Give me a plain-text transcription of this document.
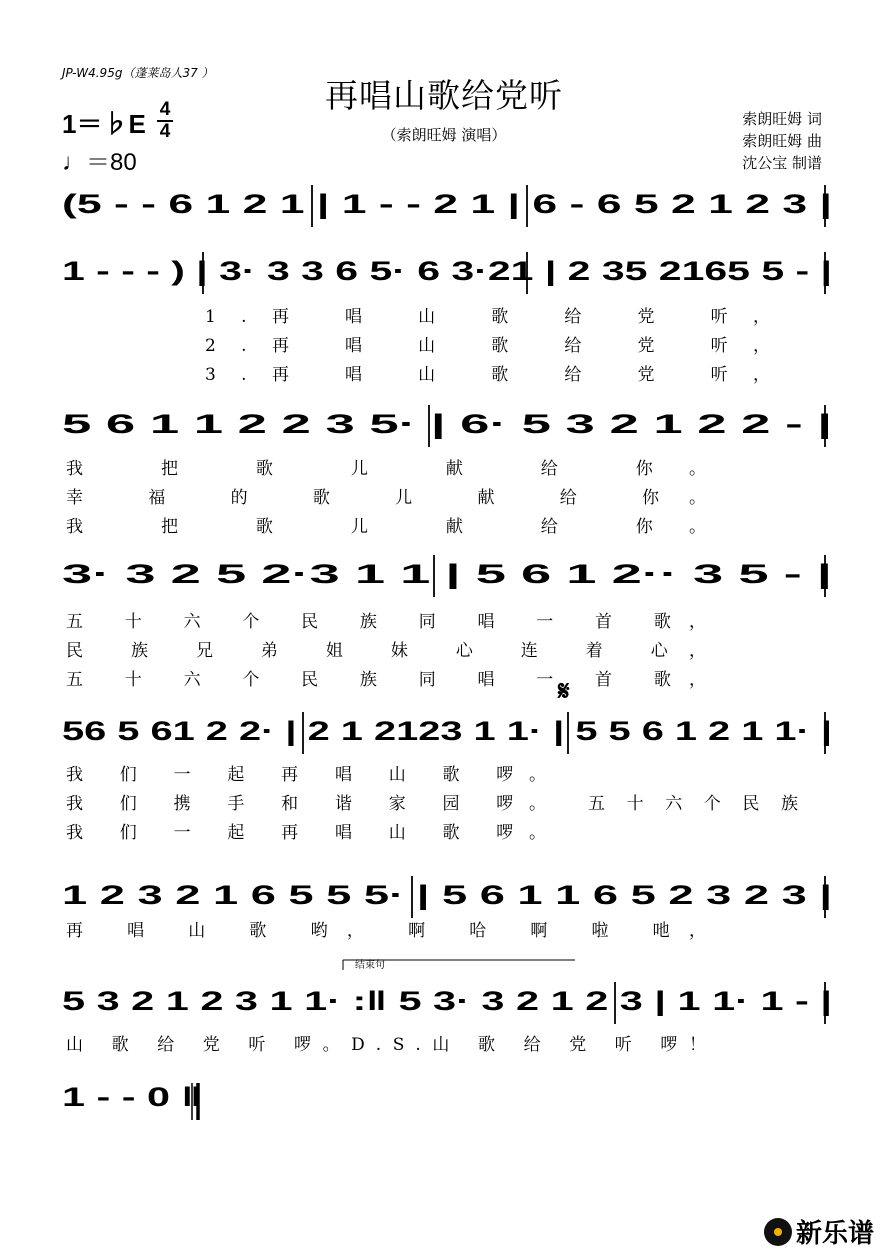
JP-W4.95g（蓬莱岛人37 ）
再唱山歌给党听
（索朗旺姆 演唱）
1＝♭E 4
4
♩＝80
索朗旺姆 词
索朗旺姆 曲
沈公宝 制谱
(5 - - 6 1 2 1 | 1 - - 2 1 | 6 - 6 5 2 1 2 3 |
1 - - - ) | 3· 3 3 6 5· 6 3·21 | 2 35 2165 5 - |
1.再 唱 山 歌 给 党 听，
2.再 唱 山 歌 给 党 听，
3.再 唱 山 歌 给 党 听，
5 6 1 1 2 2 3 5· | 6· 5 3 2 1 2 2 - |
我 把 歌 儿 献 给 你。
幸 福 的 歌 儿 献 给 你。
我 把 歌 儿 献 给 你。
3· 3 2 5 2·3 1 1 | 5 6 1 2·· 3 5 - |
五 十 六 个 民 族 同 唱 一 首 歌，
民 族 兄 弟 姐 妹 心 连 着 心，
五 十 六 个 民 族 同 唱 一 首 歌，
56 5 61 2 2· | 2 1 2123 1 1· | 5 5 6 1 2 1 1· |
𝄋
我 们 一 起 再 唱 山 歌 啰。
我 们 携 手 和 谐 家 园 啰。
我 们 一 起 再 唱 山 歌 啰。
五 十 六 个 民 族
1 2 3 2 1 6 5 5 5· | 5 6 1 1 6 5 2 3 2 3 |
再 唱 山 歌 哟， 啊 哈 啊 啦 吔，
5 3 2 1 2 3 1 1· :‖ 5 3· 3 2 1 2 3 | 1 1· 1 - |
结束句
山 歌 给 党 听 啰。D.S.山 歌 给 党 听 啰！
1 - - 0 ‖
新乐谱
